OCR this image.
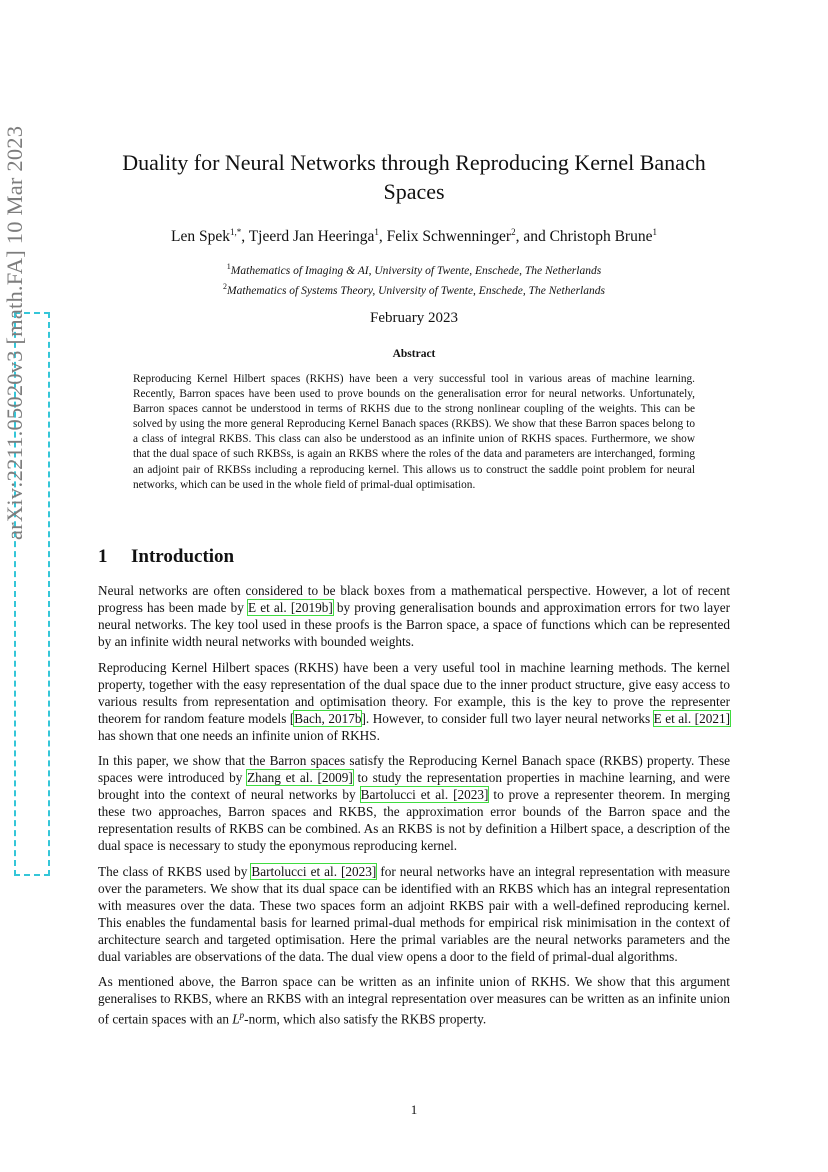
arXiv:2211.05020v3 [math.FA] 10 Mar 2023	Duality for Neural Networks through Reproducing Kernel Banach
Spaces
Len Spek$^{1,*}$, Tjeerd Jan Heeringa$^1$, Felix Schwenninger$^2$, and Christoph Brune$^1$
$^1$Mathematics of Imaging & AI, University of Twente, Enschede, The Netherlands
$^2$Mathematics of Systems Theory, University of Twente, Enschede, The Netherlands
February 2023
Abstract
Reproducing Kernel Hilbert spaces (RKHS) have been a very successful tool in various areas of machine learning. Recently, Barron spaces have been used to prove bounds on the generalisation error for neural networks. Unfortunately, Barron spaces cannot be understood in terms of RKHS due to the strong nonlinear coupling of the weights. This can be solved by using the more general Reproducing Kernel Banach spaces (RKBS). We show that these Barron spaces belong to a class of integral RKBS. This class can also be understood as an infinite union of RKHS spaces. Furthermore, we show that the dual space of such RKBSs, is again an RKBS where the roles of the data and parameters are interchanged, forming an adjoint pair of RKBSs including a reproducing kernel. This allows us to construct the saddle point problem for neural networks, which can be used in the whole field of primal-dual optimisation.
1 Introduction

Neural networks are often considered to be black boxes from a mathematical perspective. However, a lot of recent progress has been made by E et al. [2019b] by proving generalisation bounds and approximation errors for two layer neural networks. The key tool used in these proofs is the Barron space, a space of functions which can be represented by an infinite width neural networks with bounded weights.

Reproducing Kernel Hilbert spaces (RKHS) have been a very useful tool in machine learning methods. The kernel property, together with the easy representation of the dual space due to the inner product structure, give easy access to various results from representation and optimisation theory. For example, this is the key to prove the representer theorem for random feature models [Bach, 2017b]. However, to consider full two layer neural networks E et al. [2021] has shown that one needs an infinite union of RKHS.

In this paper, we show that the Barron spaces satisfy the Reproducing Kernel Banach space (RKBS) property. These spaces were introduced by Zhang et al. [2009] to study the representation properties in machine learning, and were brought into the context of neural networks by Bartolucci et al. [2023] to prove a representer theorem. In merging these two approaches, Barron spaces and RKBS, the approximation error bounds of the Barron space and the representation results of RKBS can be combined. As an RKBS is not by definition a Hilbert space, a description of the dual space is necessary to study the eponymous reproducing kernel.

The class of RKBS used by Bartolucci et al. [2023] for neural networks have an integral representation with measure over the parameters. We show that its dual space can be identified with an RKBS which has an integral representation with measures over the data. These two spaces form an adjoint RKBS pair with a well-defined reproducing kernel. This enables the fundamental basis for learned primal-dual methods for empirical risk minimisation in the context of architecture search and targeted optimisation. Here the primal variables are the neural networks parameters and the dual variables are observations of the data. The dual view opens a door to the field of primal-dual algorithms.

As mentioned above, the Barron space can be written as an infinite union of RKHS. We show that this argument generalises to RKBS, where an RKBS with an integral representation over measures can be written as an infinite union of certain spaces with an $L^p$-norm, which also satisfy the RKBS property.

1
